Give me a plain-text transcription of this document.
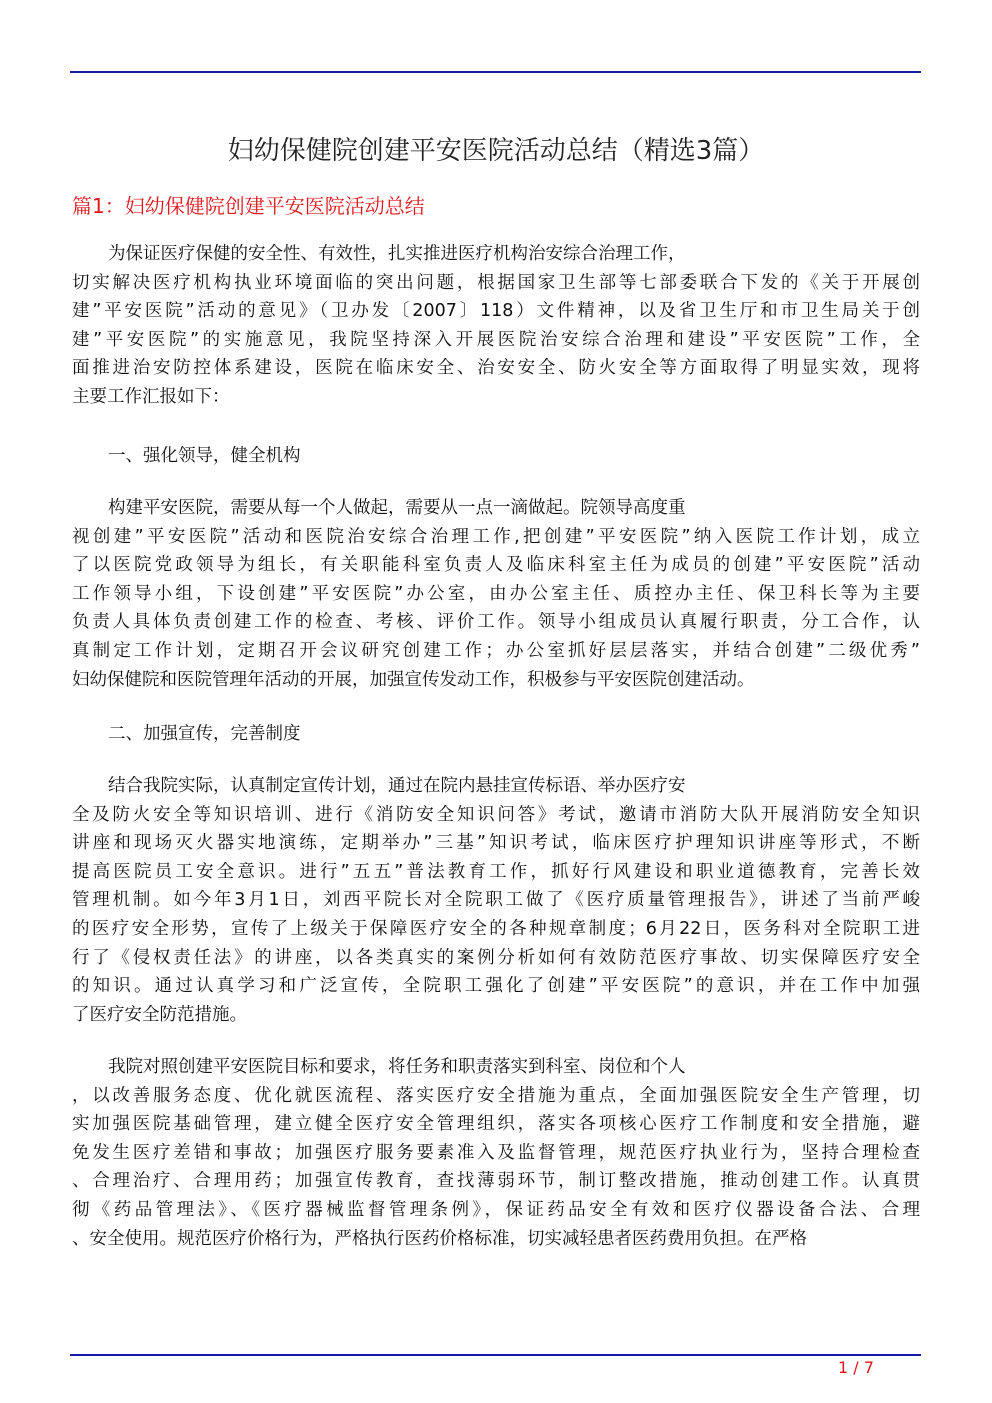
妇幼保健院创建平安医院活动总结（精选3篇）
篇1：妇幼保健院创建平安医院活动总结
为保证医疗保健的安全性、有效性，扎实推进医疗机构治安综合治理工作，
切实解决医疗机构执业环境面临的突出问题，根据国家卫生部等七部委联合下发的《关于开展创
建”平安医院”活动的意见》（卫办发〔2007〕118）文件精神，以及省卫生厅和市卫生局关于创
建”平安医院”的实施意见，我院坚持深入开展医院治安综合治理和建设”平安医院”工作，全
面推进治安防控体系建设，医院在临床安全、治安安全、防火安全等方面取得了明显实效，现将
主要工作汇报如下：
一、强化领导，健全机构
构建平安医院，需要从每一个人做起，需要从一点一滴做起。院领导高度重
视创建”平安医院”活动和医院治安综合治理工作,把创建”平安医院”纳入医院工作计划，成立
了以医院党政领导为组长，有关职能科室负责人及临床科室主任为成员的创建”平安医院”活动
工作领导小组，下设创建”平安医院”办公室，由办公室主任、质控办主任、保卫科长等为主要
负责人具体负责创建工作的检查、考核、评价工作。领导小组成员认真履行职责，分工合作，认
真制定工作计划，定期召开会议研究创建工作；办公室抓好层层落实，并结合创建”二级优秀”
妇幼保健院和医院管理年活动的开展，加强宣传发动工作，积极参与平安医院创建活动。
二、加强宣传，完善制度
结合我院实际，认真制定宣传计划，通过在院内悬挂宣传标语、举办医疗安
全及防火安全等知识培训、进行《消防安全知识问答》考试，邀请市消防大队开展消防安全知识
讲座和现场灭火器实地演练，定期举办”三基”知识考试，临床医疗护理知识讲座等形式，不断
提高医院员工安全意识。进行”五五”普法教育工作，抓好行风建设和职业道德教育，完善长效
管理机制。如今年3月1日，刘西平院长对全院职工做了《医疗质量管理报告》，讲述了当前严峻
的医疗安全形势，宣传了上级关于保障医疗安全的各种规章制度；6月22日，医务科对全院职工进
行了《侵权责任法》的讲座，以各类真实的案例分析如何有效防范医疗事故、切实保障医疗安全
的知识。通过认真学习和广泛宣传，全院职工强化了创建”平安医院”的意识，并在工作中加强
了医疗安全防范措施。
我院对照创建平安医院目标和要求，将任务和职责落实到科室、岗位和个人
，以改善服务态度、优化就医流程、落实医疗安全措施为重点，全面加强医院安全生产管理，切
实加强医院基础管理，建立健全医疗安全管理组织，落实各项核心医疗工作制度和安全措施，避
免发生医疗差错和事故；加强医疗服务要素准入及监督管理，规范医疗执业行为，坚持合理检查
、合理治疗、合理用药；加强宣传教育，查找薄弱环节，制订整改措施，推动创建工作。认真贯
彻《药品管理法》、《医疗器械监督管理条例》，保证药品安全有效和医疗仪器设备合法、合理
、安全使用。规范医疗价格行为，严格执行医药价格标准，切实减轻患者医药费用负担。在严格
1 / 7
